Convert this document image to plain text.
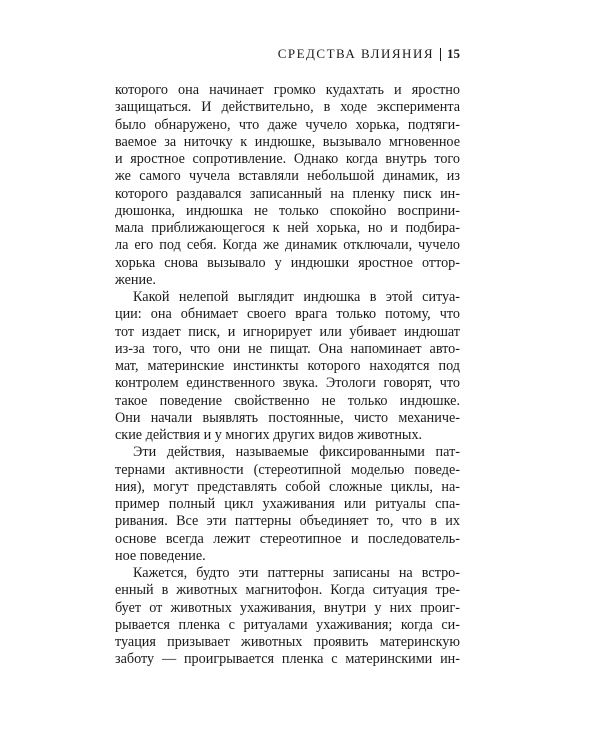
СРЕДСТВА ВЛИЯНИЯ 15
которого она начинает громко кудахтать и яростно
защищаться. И действительно, в ходе эксперимента
было обнаружено, что даже чучело хорька, подтяги-
ваемое за ниточку к индюшке, вызывало мгновенное
и яростное сопротивление. Однако когда внутрь того
же самого чучела вставляли небольшой динамик, из
которого раздавался записанный на пленку писк ин-
дюшонка, индюшка не только спокойно восприни-
мала приближающегося к ней хорька, но и подбира-
ла его под себя. Когда же динамик отключали, чучело
хорька снова вызывало у индюшки яростное оттор-
жение.
Какой нелепой выглядит индюшка в этой ситуа-
ции: она обнимает своего врага только потому, что
тот издает писк, и игнорирует или убивает индюшат
из-за того, что они не пищат. Она напоминает авто-
мат, материнские инстинкты которого находятся под
контролем единственного звука. Этологи говорят, что
такое поведение свойственно не только индюшке.
Они начали выявлять постоянные, чисто механиче-
ские действия и у многих других видов животных.
Эти действия, называемые фиксированными пат-
тернами активности (стереотипной моделью поведе-
ния), могут представлять собой сложные циклы, на-
пример полный цикл ухаживания или ритуалы спа-
ривания. Все эти паттерны объединяет то, что в их
основе всегда лежит стереотипное и последователь-
ное поведение.
Кажется, будто эти паттерны записаны на встро-
енный в животных магнитофон. Когда ситуация тре-
бует от животных ухаживания, внутри у них проиг-
рывается пленка с ритуалами ухаживания; когда си-
туация призывает животных проявить материнскую
заботу — проигрывается пленка с материнскими ин-
